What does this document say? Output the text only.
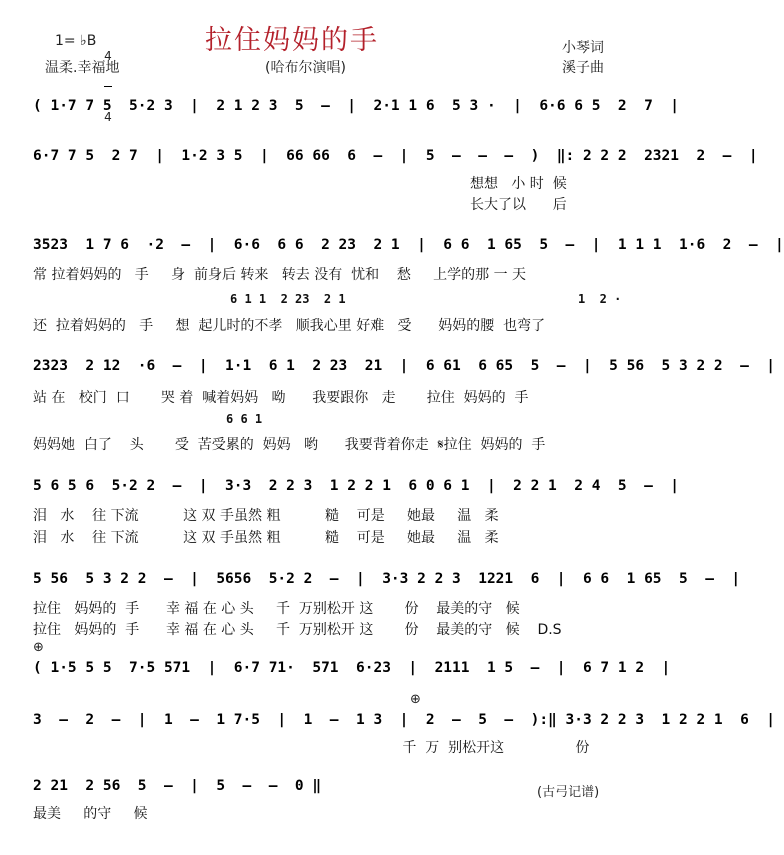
拉住妈妈的手
1= ♭B

4

4

温柔.幸福地	(哈布尔演唱)
小琴词
溪子曲
( 1·7 7 5  5·2 3  |  2 1 2 3  5  –  |  2·1 1 6  5 3 ·  |  6·6 6 5  2  7  |
6·7 7 5  2 7  |  1·2 3 5  |  66 66  6  –  |  5  –  –  –  )  ‖: 2 2 2  2321  2  –  |
想想   小 时  候
长大了以      后
3523  1 7 6  ·2  –  |  6·6  6 6  2 23  2 1  |  6 6  1 65  5  –  |  1 1 1  1·6  2  –  |
常 拉着妈妈的   手     身  前身后 转来   转去 没有  忧和    愁     上学的那 一 天
6 1 1  2 23  2 1	1  2 ·
还  拉着妈妈的   手     想  起儿时的不孝   顺我心里 好难   受      妈妈的腰  也弯了
2323  2 12  ·6  –  |  1·1  6 1  2 23  21  |  6 61  6 65  5  –  |  5 56  5 3 2 2  –  |
站 在   校门  口       哭 着  喊着妈妈   呦      我要跟你   走       拉住  妈妈的  手
6 6 1
妈妈她  白了    头       受  苦受累的  妈妈   哟      我要背着你走  𝄋拉住  妈妈的  手
5 6 5 6  5·2 2  –  |  3·3  2 2 3  1 2 2 1  6 0 6 1  |  2 2 1  2 4  5  –  |
泪   水    往 下流          这 双 手虽然 粗          糙    可是     她最     温   柔
泪   水    往 下流          这 双 手虽然 粗          糙    可是     她最     温   柔
5 56  5 3 2 2  –  |  5656  5·2 2  –  |  3·3 2 2 3  1221  6  |  6 6  1 65  5  –  |
拉住   妈妈的  手      幸 福 在 心 头     千  万别松开 这       份    最美的守   候
拉住   妈妈的  手      幸 福 在 心 头     千  万别松开 这       份    最美的守   候    D.S
⊕
( 1·5 5 5  7·5 571  |  6·7 71·  571  6·23  |  2111  1 5  –  |  6 7 1 2  |
⊕
3  –  2  –  |  1  –  1 7·5  |  1  –  1 3  |  2  –  5  –  ):‖ 3·3 2 2 3  1 2 2 1  6  |
千  万  别松开这                份
2 21  2 56  5  –  |  5  –  –  0 ‖
最美     的守     候
(古弓记谱)
